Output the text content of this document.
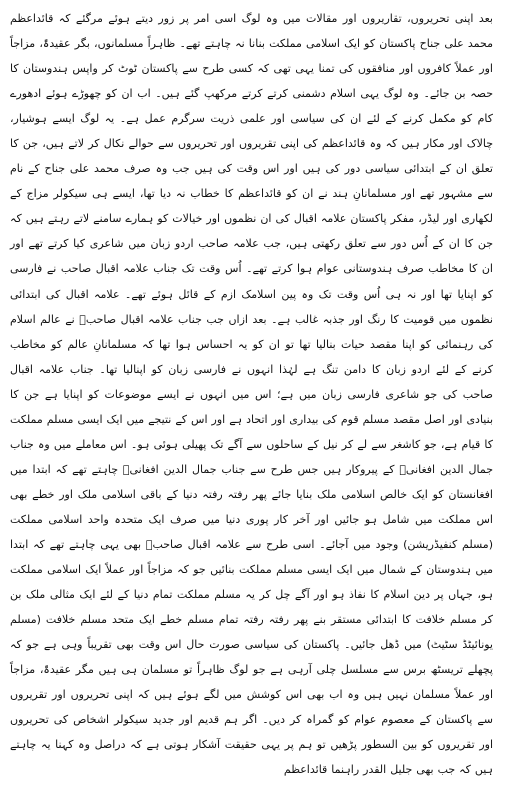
بعد اپنی تحریروں، تقاریروں اور مقالات میں وہ لوگ اسی امر پر زور دیتے ہوئے مرگئے کہ قائداعظم محمد علی جناح پاکستان کو ایک اسلامی مملکت بنانا نہ چاہتے تھے۔ ظاہراً مسلمانوں، بگر عقیدۃً، مزاجاً اور عملاً کافروں اور منافقوں کی تمنا یہی تھی کہ کسی طرح سے پاکستان ٹوٹ کر واپس ہندوستان کا حصہ بن جائے۔ وہ لوگ یہی اسلام دشمنی کرتے کرتے مرکھپ گئے ہیں۔ اب ان کو چھوڑے ہوئے ادھورے کام کو مکمل کرنے کے لئے ان کی سیاسی اور علمی ذریت سرگرم عمل ہے۔ یہ لوگ ایسے ہوشیار، چالاک اور مکار ہیں کہ وہ قائداعظم کی اپنی تقریروں اور تحریروں سے حوالے نکال کر لاتے ہیں، جن کا تعلق ان کے ابتدائی سیاسی دور کی ہیں اور اس وقت کی ہیں جب وہ صرف محمد علی جناح کے نام سے مشہور تھے اور مسلمانانِ ہند نے ان کو قائداعظم کا خطاب نہ دیا تھا، ایسے ہی سیکولر مزاج کے لکھاری اور لیڈر، مفکر پاکستان علامہ اقبال کی ان نظموں اور خیالات کو ہمارے سامنے لاتے رہتے ہیں کہ جن کا ان کے اُس دور سے تعلق رکھتی ہیں، جب علامہ صاحب اردو زبان میں شاعری کیا کرتے تھے اور ان کا مخاطب صرف ہندوستانی عوام ہوا کرتے تھے۔ اُس وقت تک جناب علامہ اقبال صاحب نے فارسی کو اپنایا تھا اور نہ ہی اُس وقت تک وہ پین اسلامک ازم کے قائل ہوئے تھے۔ علامہ اقبال کی ابتدائی نظموں میں قومیت کا رنگ اور جذبہ غالب ہے۔ بعد ازاں جب جناب علامہ اقبال صاحبؒ نے عالم اسلام کی رہنمائی کو اپنا مقصد حیات بنالیا تھا تو ان کو یہ احساس ہوا تھا کہ مسلمانانِ عالم کو مخاطب کرنے کے لئے اردو زبان کا دامن تنگ ہے لہٰذا انہوں نے فارسی زبان کو اپنالیا تھا۔ جناب علامہ اقبال صاحب کی جو شاعری فارسی زبان میں ہے؛ اس میں انہوں نے ایسے موضوعات کو اپنایا ہے جن کا بنیادی اور اصل مقصد مسلم قوم کی بیداری اور اتحاد ہے اور اس کے نتیجے میں ایک ایسی مسلم مملکت کا قیام ہے، جو کاشغر سے لے کر نیل کے ساحلوں سے آگے تک پھیلی ہوئی ہو۔ اس معاملے میں وہ جناب جمال الدین افغانیؒ کے پیروکار ہیں جس طرح سے جناب جمال الدین افغانیؒ چاہتے تھے کہ ابتدا میں افغانستان کو ایک خالص اسلامی ملک بنایا جائے پھر رفتہ رفتہ دنیا کے باقی اسلامی ملک اور خطے بھی اس مملکت میں شامل ہو جائیں اور آخر کار پوری دنیا میں صرف ایک متحدہ واحد اسلامی مملکت (مسلم کنفیڈریشن) وجود میں آجائے۔ اسی طرح سے علامہ اقبال صاحبؒ بھی یہی چاہتے تھے کہ ابتدا میں ہندوستان کے شمال میں ایک ایسی مسلم مملکت بنائیں جو کہ مزاجاً اور عملاً ایک اسلامی مملکت ہو، جہاں پر دین اسلام کا نفاذ ہو اور آگے چل کر یہ مسلم مملکت تمام دنیا کے لئے ایک مثالی ملک بن کر مسلم خلافت کا ابتدائی مستقر بنے پھر رفتہ رفتہ تمام مسلم خطے ایک متحد مسلم خلافت (مسلم یونائیٹڈ سٹیٹ) میں ڈھل جائیں۔ پاکستان کی سیاسی صورت حال اس وقت بھی تقریباً وہی ہے جو کہ پچھلے تریسٹھ برس سے مسلسل چلی آرہی ہے جو لوگ ظاہراً تو مسلمان ہی ہیں مگر عقیدۃً، مزاجاً اور عملاً مسلمان نہیں ہیں وہ اب بھی اس کوشش میں لگے ہوئے ہیں کہ اپنی تحریروں اور تقریروں سے پاکستان کے معصوم عوام کو گمراہ کر دیں۔ اگر ہم قدیم اور جدید سیکولر اشخاص کی تحریروں اور تقریروں کو بین السطور پڑھیں تو ہم پر یہی حقیقت آشکار ہوتی ہے کہ دراصل وہ کہنا یہ چاہتے ہیں کہ جب بھی جلیل القدر راہنما قائداعظم
